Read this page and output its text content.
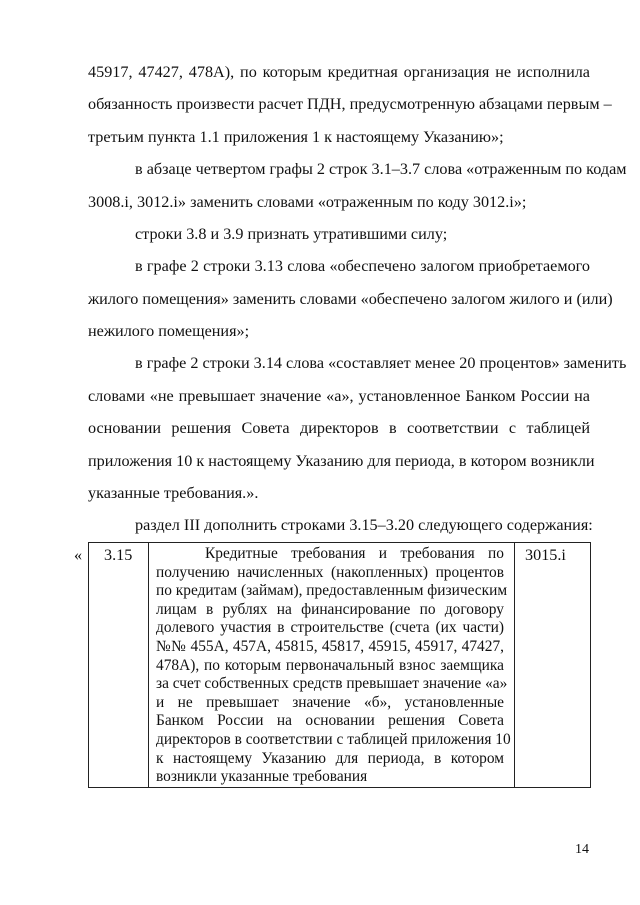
45917, 47427, 478А), по которым кредитная организация не исполнила
обязанность произвести расчет ПДН, предусмотренную абзацами первым –
третьим пункта 1.1 приложения 1 к настоящему Указанию»;
в абзаце четвертом графы 2 строк 3.1–3.7 слова «отраженным по кодам
3008.i, 3012.i» заменить словами «отраженным по коду 3012.i»;
строки 3.8 и 3.9 признать утратившими силу;
в графе 2 строки 3.13 слова «обеспечено залогом приобретаемого
жилого помещения» заменить словами «обеспечено залогом жилого и (или)
нежилого помещения»;
в графе 2 строки 3.14 слова «составляет менее 20 процентов» заменить
словами «не превышает значение «а», установленное Банком России на
основании решения Совета директоров в соответствии с таблицей
приложения 10 к настоящему Указанию для периода, в котором возникли
указанные требования.».
раздел III дополнить строками 3.15–3.20 следующего содержания:
« 3.15	3015.i
Кредитные требования и требования по
получению начисленных (накопленных) процентов
по кредитам (займам), предоставленным физическим
лицам в рублях на финансирование по договору
долевого участия в строительстве (счета (их части)
№№ 455А, 457А, 45815, 45817, 45915, 45917, 47427,
478А), по которым первоначальный взнос заемщика
за счет собственных средств превышает значение «а»
и не превышает значение «б», установленные
Банком России на основании решения Совета
директоров в соответствии с таблицей приложения 10
к настоящему Указанию для периода, в котором
возникли указанные требования
14
